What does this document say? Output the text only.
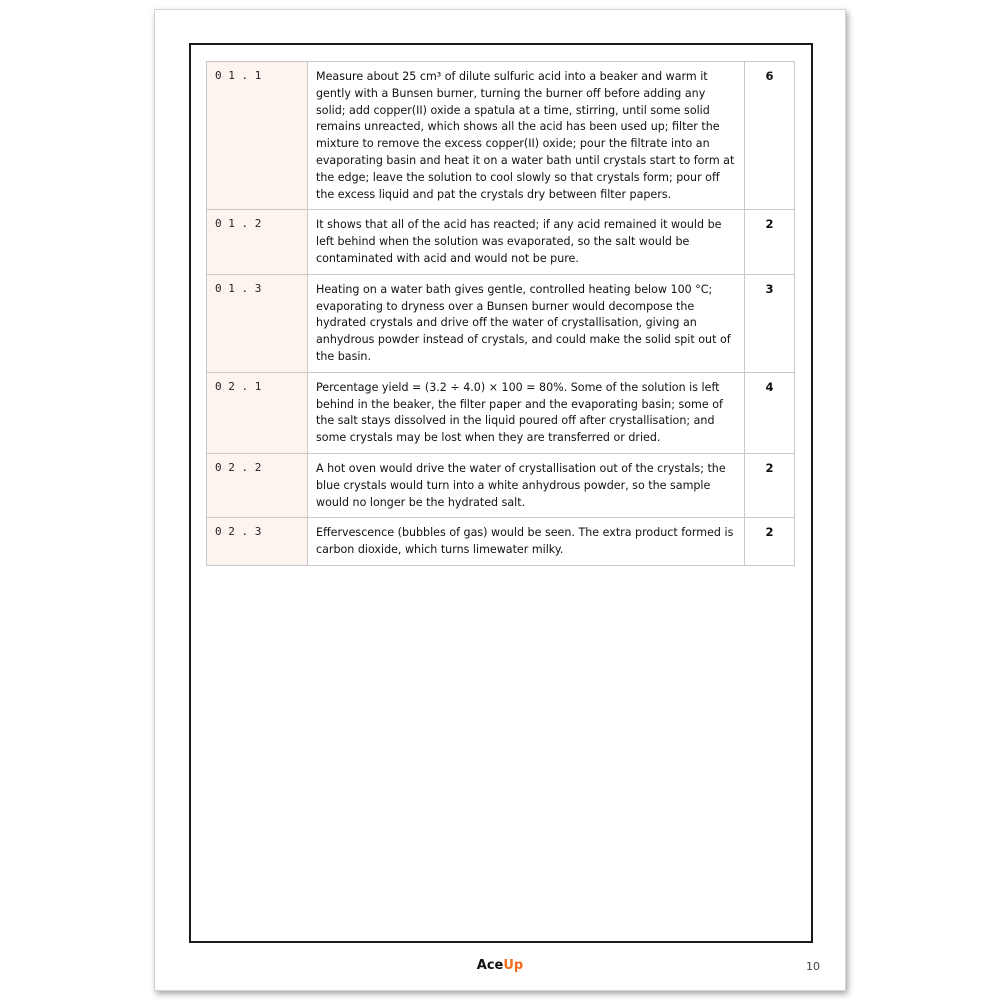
0 1 . 1	Measure about 25 cm³ of dilute sulfuric acid into a beaker and warm it gently with a Bunsen burner, turning the burner off before adding any solid; add copper(II) oxide a spatula at a time, stirring, until some solid remains unreacted, which shows all the acid has been used up; filter the mixture to remove the excess copper(II) oxide; pour the filtrate into an evaporating basin and heat it on a water bath until crystals start to form at the edge; leave the solution to cool slowly so that crystals form; pour off the excess liquid and pat the crystals dry between filter papers.	6
0 1 . 2	It shows that all of the acid has reacted; if any acid remained it would be left behind when the solution was evaporated, so the salt would be contaminated with acid and would not be pure.	2
0 1 . 3	Heating on a water bath gives gentle, controlled heating below 100 °C; evaporating to dryness over a Bunsen burner would decompose the hydrated crystals and drive off the water of crystallisation, giving an anhydrous powder instead of crystals, and could make the solid spit out of the basin.	3
0 2 . 1	Percentage yield = (3.2 ÷ 4.0) × 100 = 80%. Some of the solution is left behind in the beaker, the filter paper and the evaporating basin; some of the salt stays dissolved in the liquid poured off after crystallisation; and some crystals may be lost when they are transferred or dried.	4
0 2 . 2	A hot oven would drive the water of crystallisation out of the crystals; the blue crystals would turn into a white anhydrous powder, so the sample would no longer be the hydrated salt.	2
0 2 . 3	Effervescence (bubbles of gas) would be seen. The extra product formed is carbon dioxide, which turns limewater milky.	2
AceUp	10
